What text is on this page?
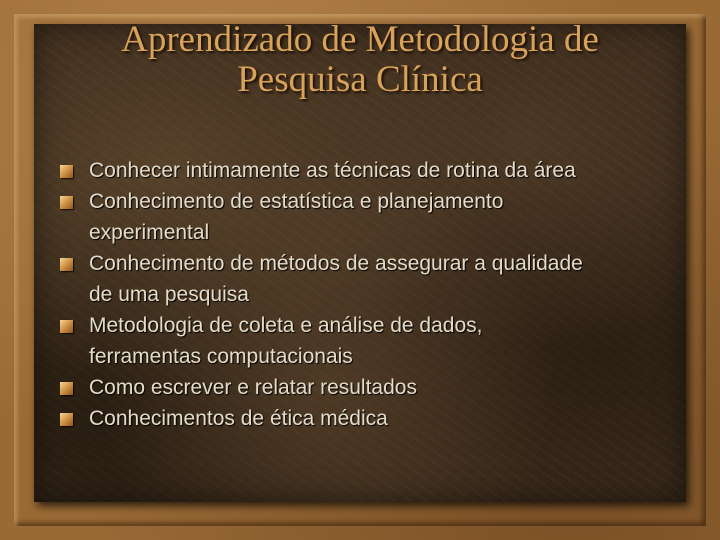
Aprendizado de Metodologia de
Pesquisa Clínica
Conhecer intimamente as técnicas de rotina da área
Conhecimento de estatística e planejamento
experimental
Conhecimento de métodos de assegurar a qualidade
de uma pesquisa
Metodologia de coleta e análise de dados,
ferramentas computacionais
Como escrever e relatar resultados
Conhecimentos de ética médica
